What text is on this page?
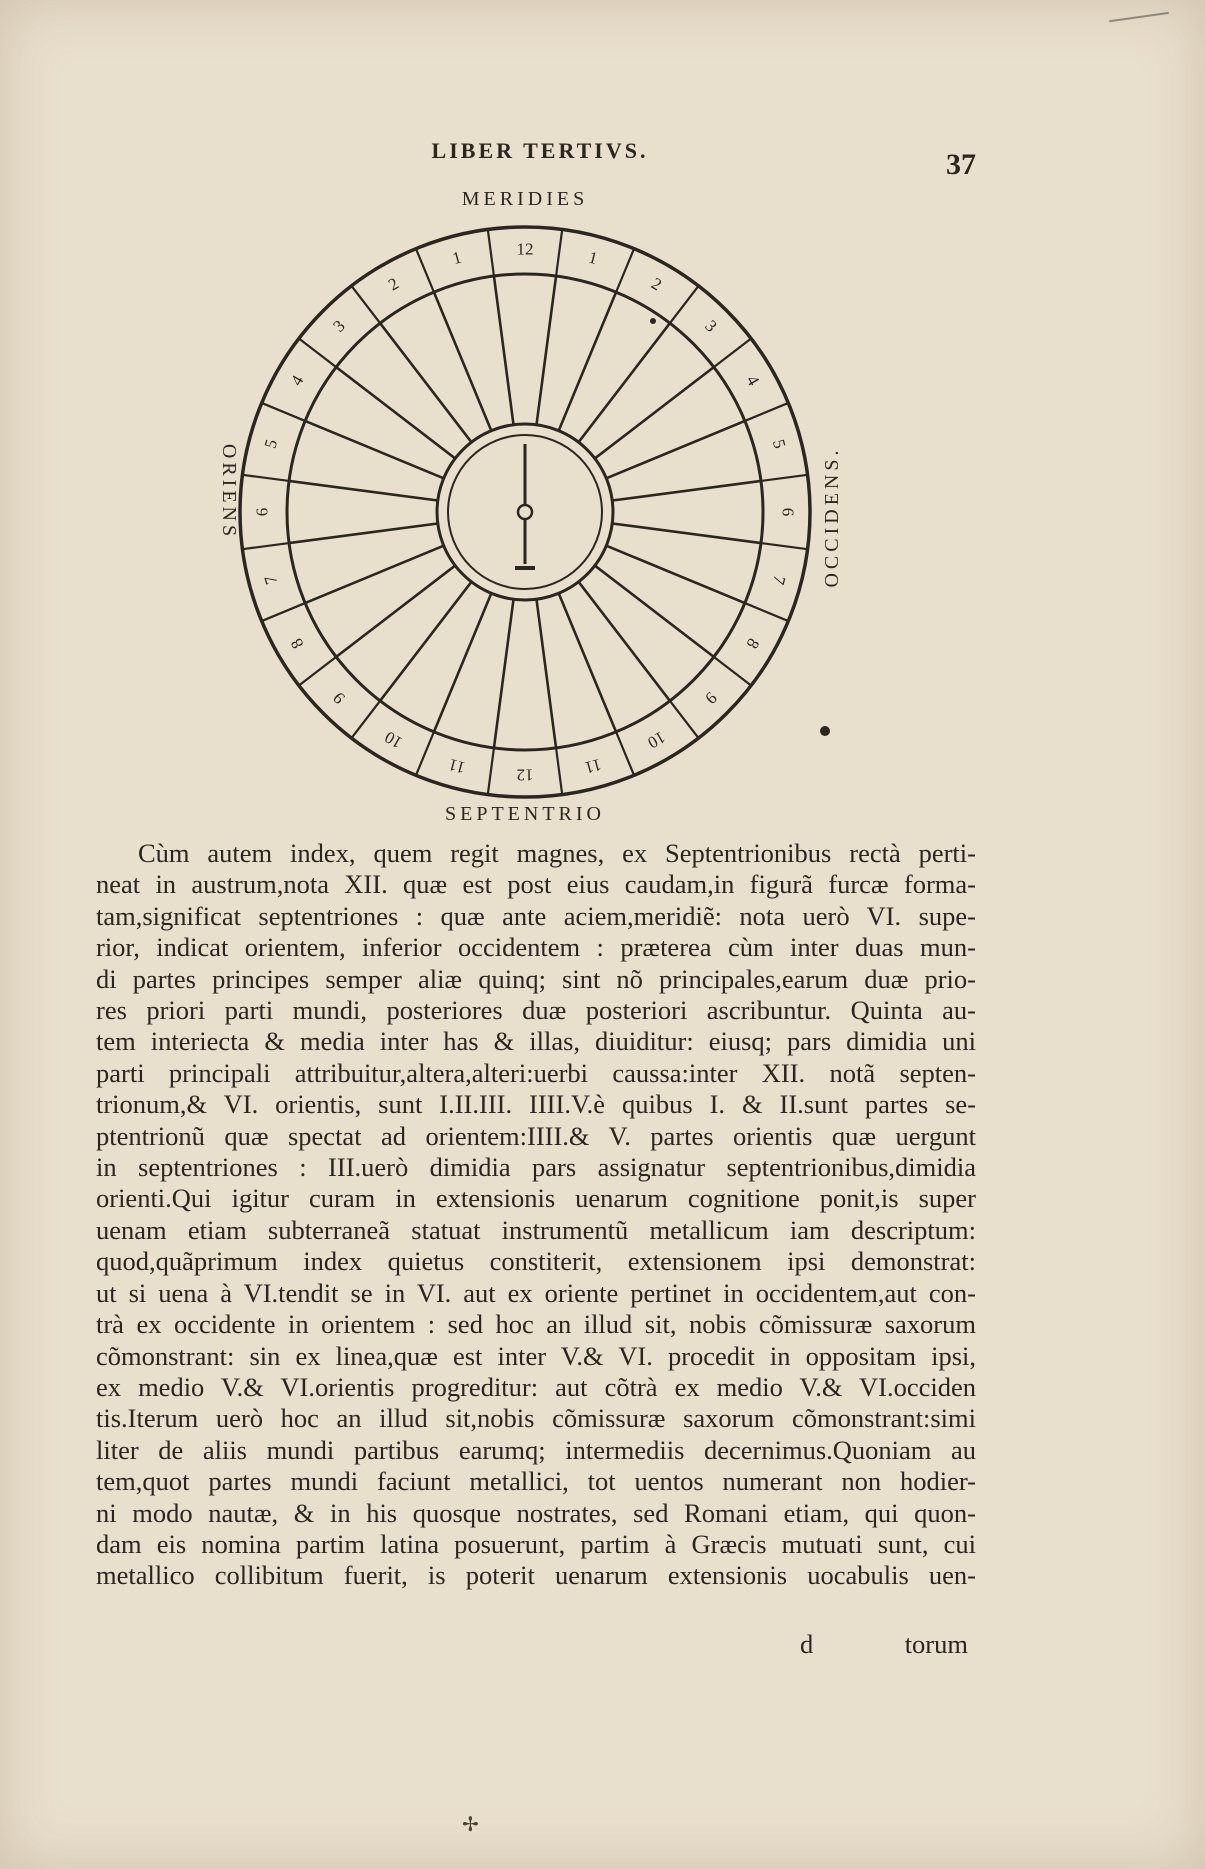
LIBER TERTIVS.	37
12	1
2
3
4
5
6
7
8
9
10
11
12
11
10
9
8
7
6
5
4
3
2
1
MERIDIES
SEPTENTRIO
ORIENS	OCCIDENS.
Cùm autem index, quem regit magnes, ex Septentrionibus rectà perti-
neat in austrum,nota XII. quæ est post eius caudam,in figurã furcæ forma-
tam,significat septentriones : quæ ante aciem,meridiẽ: nota uerò VI. supe-
rior, indicat orientem, inferior occidentem : præterea cùm inter duas mun-
di partes principes semper aliæ quinq; sint nõ principales,earum duæ prio-
res priori parti mundi, posteriores duæ posteriori ascribuntur. Quinta au-
tem interiecta & media inter has & illas, diuiditur: eiusq; pars dimidia uni
parti principali attribuitur,altera,alteri:uerbi caussa:inter XII. notã septen-
trionum,& VI. orientis, sunt I.II.III. IIII.V.è quibus I. & II.sunt partes se-
ptentrionũ quæ spectat ad orientem:IIII.& V. partes orientis quæ uergunt
in septentriones : III.uerò dimidia pars assignatur septentrionibus,dimidia
orienti.Qui igitur curam in extensionis uenarum cognitione ponit,is super
uenam etiam subterraneã statuat instrumentũ metallicum iam descriptum:
quod,quãprimum index quietus constiterit, extensionem ipsi demonstrat:
ut si uena à VI.tendit se in VI. aut ex oriente pertinet in occidentem,aut con-
trà ex occidente in orientem : sed hoc an illud sit, nobis cõmissuræ saxorum
cõmonstrant: sin ex linea,quæ est inter V.& VI. procedit in oppositam ipsi,
ex medio V.& VI.orientis progreditur: aut cõtrà ex medio V.& VI.occiden
tis.Iterum uerò hoc an illud sit,nobis cõmissuræ saxorum cõmonstrant:simi
liter de aliis mundi partibus earumq; intermediis decernimus.Quoniam au
tem,quot partes mundi faciunt metallici, tot uentos numerant non hodier-
ni modo nautæ, & in his quosque nostrates, sed Romani etiam, qui quon-
dam eis nomina partim latina posuerunt, partim à Græcis mutuati sunt, cui
metallico collibitum fuerit, is poterit uenarum extensionis uocabulis uen-
d	torum
✢
